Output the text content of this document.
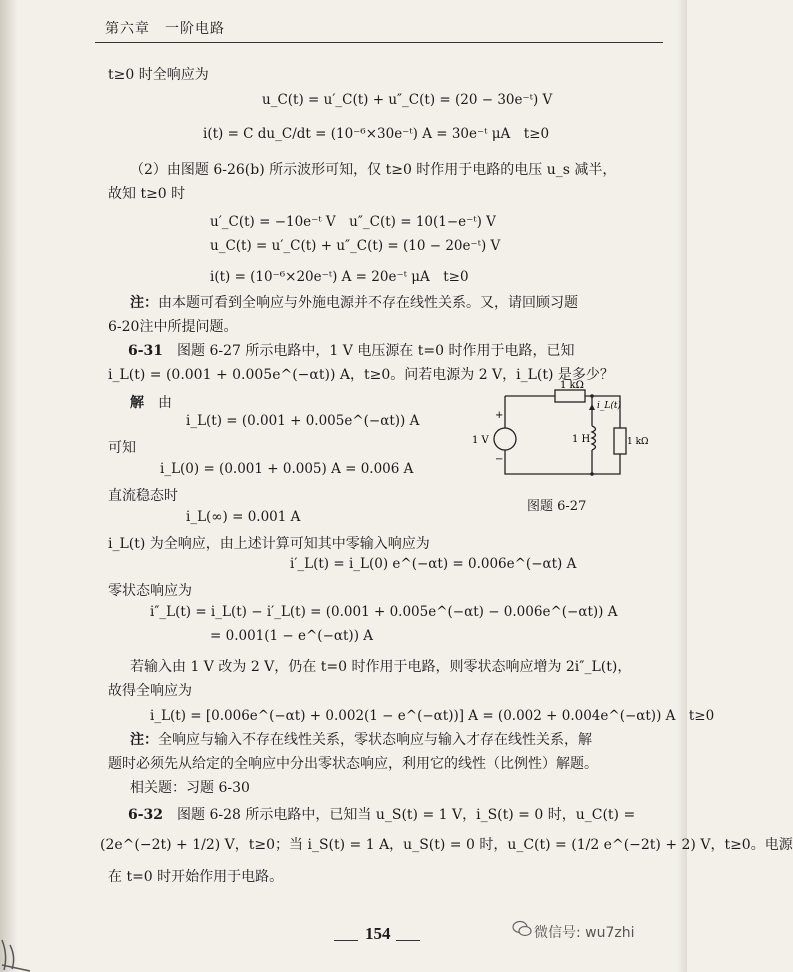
第六章　一阶电路
t≥0 时全响应为
u_C(t) = u′_C(t) + u″_C(t) = (20 − 30e⁻ᵗ) V
i(t) = C du_C/dt = (10⁻⁶×30e⁻ᵗ) A = 30e⁻ᵗ μA　t≥0
（2）由图题 6-26(b) 所示波形可知，仅 t≥0 时作用于电路的电压 u_s 减半，
故知 t≥0 时
u′_C(t) = −10e⁻ᵗ V　u″_C(t) = 10(1−e⁻ᵗ) V
u_C(t) = u′_C(t) + u″_C(t) = (10 − 20e⁻ᵗ) V
i(t) = (10⁻⁶×20e⁻ᵗ) A = 20e⁻ᵗ μA　t≥0
注：由本题可看到全响应与外施电源并不存在线性关系。又，请回顾习题
6-20注中所提问题。
6-31　图题 6-27 所示电路中，1 V 电压源在 t=0 时作用于电路，已知
i_L(t) = (0.001 + 0.005e^(−αt)) A，t≥0。问若电源为 2 V，i_L(t) 是多少？
解　由
i_L(t) = (0.001 + 0.005e^(−αt)) A
可知
i_L(0) = (0.001 + 0.005) A = 0.006 A
直流稳态时
i_L(∞) = 0.001 A
i_L(t) 为全响应，由上述计算可知其中零输入响应为
i′_L(t) = i_L(0) e^(−αt) = 0.006e^(−αt) A
零状态响应为
i″_L(t) = i_L(t) − i′_L(t) = (0.001 + 0.005e^(−αt) − 0.006e^(−αt)) A
= 0.001(1 − e^(−αt)) A
若输入由 1 V 改为 2 V，仍在 t=0 时作用于电路，则零状态响应增为 2i″_L(t)，
故得全响应为
i_L(t) = [0.006e^(−αt) + 0.002(1 − e^(−αt))] A = (0.002 + 0.004e^(−αt)) A　t≥0
注：全响应与输入不存在线性关系，零状态响应与输入才存在线性关系，解
题时必须先从给定的全响应中分出零状态响应，利用它的线性（比例性）解题。
相关题：习题 6-30
6-32　图题 6-28 所示电路中，已知当 u_S(t) = 1 V，i_S(t) = 0 时，u_C(t) =
(2e^(−2t) + 1/2) V，t≥0；当 i_S(t) = 1 A，u_S(t) = 0 时，u_C(t) = (1/2 e^(−2t) + 2) V，t≥0。电源
在 t=0 时开始作用于电路。
1 kΩ
1 V
+
−
i_L(t)
1 H	1 kΩ
图题 6-27
154	微信号: wu7zhi
